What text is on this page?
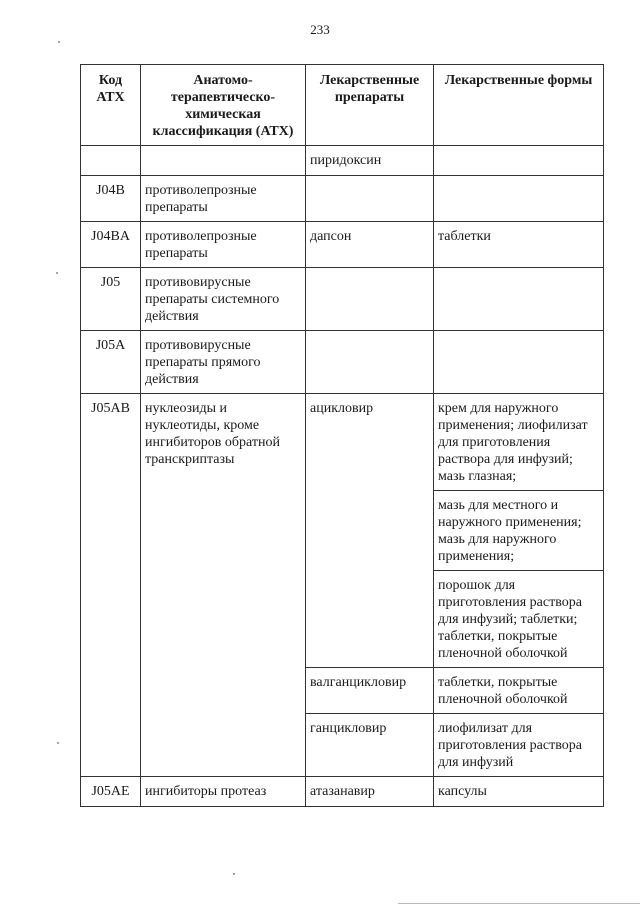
233
Код АТХ	Анатомо-терапевтическо-химическая классификация (АТХ)	Лекарственные препараты	Лекарственные формы
		пиридоксин	
J04B	противолепрозные препараты		
J04BA	противолепрозные препараты	дапсон	таблетки
J05	противовирусные препараты системного действия		
J05A	противовирусные препараты прямого действия		
J05AB	нуклеозиды и нуклеотиды, кроме ингибиторов обратной транскриптазы	ацикловир	крем для наружного применения; лиофилизат для приготовления раствора для инфузий; мазь глазная;
			мазь для местного и наружного применения; мазь для наружного применения;
			порошок для приготовления раствора для инфузий; таблетки; таблетки, покрытые пленочной оболочкой
		валганцикловир	таблетки, покрытые пленочной оболочкой
		ганцикловир	лиофилизат для приготовления раствора для инфузий
J05AE	ингибиторы протеаз	атазанавир	капсулы
